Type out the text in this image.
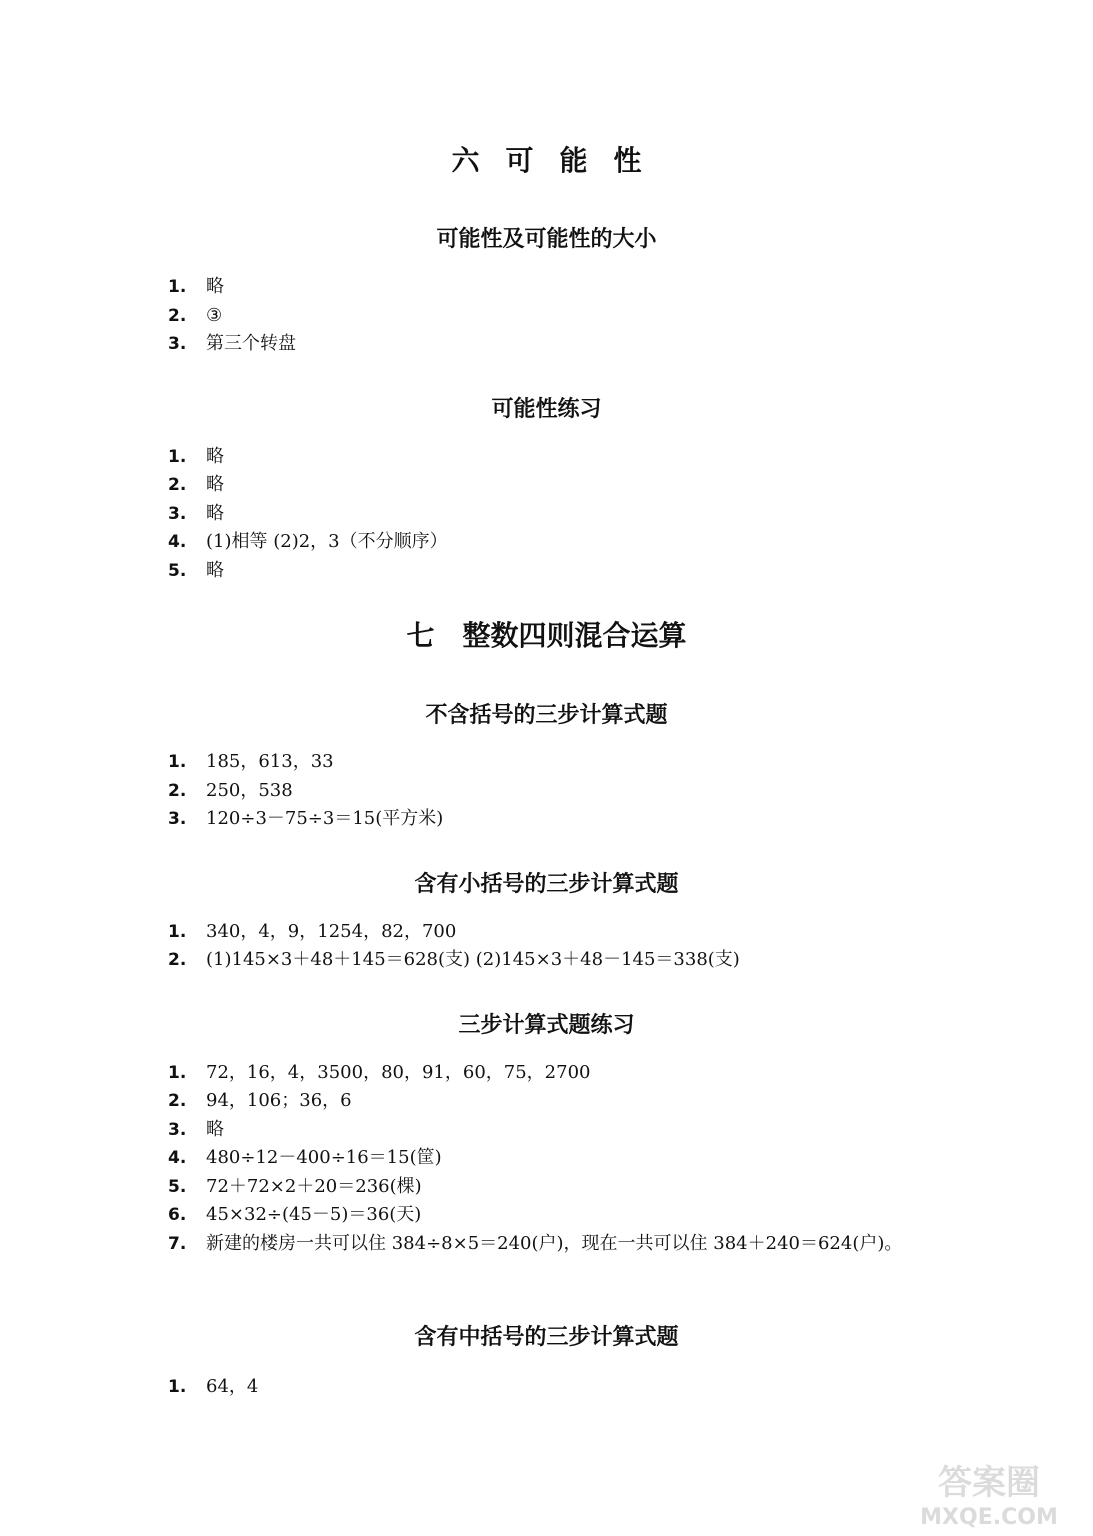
六可能性
可能性及可能性的大小
1.	略
2.	③
3.	第三个转盘
可能性练习
1.	略
2.	略
3.	略
4.	(1)相等 (2)2，3（不分顺序）
5.	略
七　整数四则混合运算
不含括号的三步计算式题
1.	185，613，33
2.	250，538
3.	120÷3－75÷3＝15(平方米)
含有小括号的三步计算式题
1.	340，4，9，1254，82，700
2.	(1)145×3＋48＋145＝628(支) (2)145×3＋48－145＝338(支)
三步计算式题练习
1.	72，16，4，3500，80，91，60，75，2700
2.	94，106；36，6
3.	略
4.	480÷12－400÷16＝15(筐)
5.	72＋72×2＋20＝236(棵)
6.	45×32÷(45－5)＝36(天)
7.	新建的楼房一共可以住 384÷8×5＝240(户)，现在一共可以住 384＋240＝624(户)。
含有中括号的三步计算式题
1.	64，4
答案圈
MXQE.COM
